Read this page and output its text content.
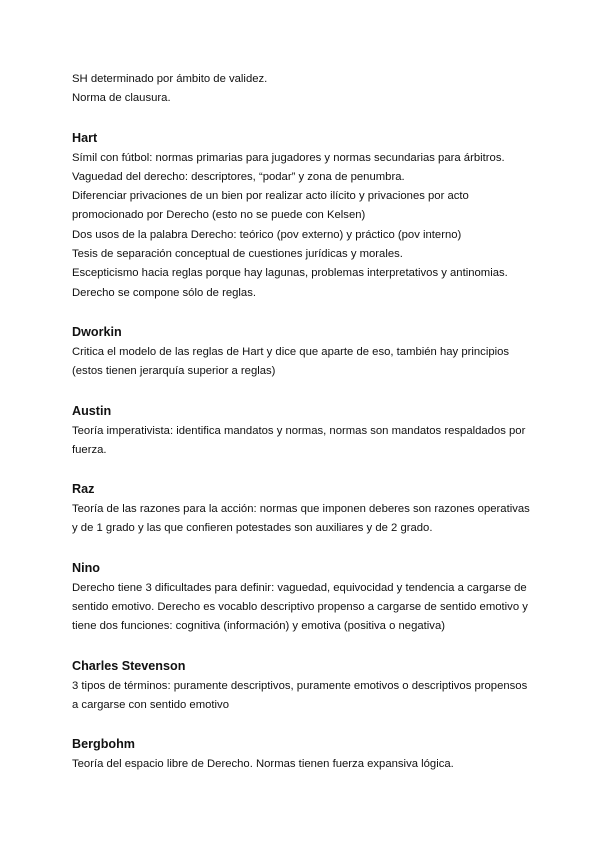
SH determinado por ámbito de validez.

Norma de clausura.

Hart

Símil con fútbol: normas primarias para jugadores y normas secundarias para árbitros.

Vaguedad del derecho: descriptores, “podar” y zona de penumbra.

Diferenciar privaciones de un bien por realizar acto ilícito y privaciones por acto

promocionado por Derecho (esto no se puede con Kelsen)

Dos usos de la palabra Derecho: teórico (pov externo) y práctico (pov interno)

Tesis de separación conceptual de cuestiones jurídicas y morales.

Escepticismo hacia reglas porque hay lagunas, problemas interpretativos y antinomias.

Derecho se compone sólo de reglas.

Dworkin

Critica el modelo de las reglas de Hart y dice que aparte de eso, también hay principios

(estos tienen jerarquía superior a reglas)

Austin

Teoría imperativista: identifica mandatos y normas, normas son mandatos respaldados por

fuerza.

Raz

Teoría de las razones para la acción: normas que imponen deberes son razones operativas

y de 1 grado y las que confieren potestades son auxiliares y de 2 grado.

Nino

Derecho tiene 3 dificultades para definir: vaguedad, equivocidad y tendencia a cargarse de

sentido emotivo. Derecho es vocablo descriptivo propenso a cargarse de sentido emotivo y

tiene dos funciones: cognitiva (información) y emotiva (positiva o negativa)

Charles Stevenson

3 tipos de términos: puramente descriptivos, puramente emotivos o descriptivos propensos

a cargarse con sentido emotivo

Bergbohm

Teoría del espacio libre de Derecho. Normas tienen fuerza expansiva lógica.
